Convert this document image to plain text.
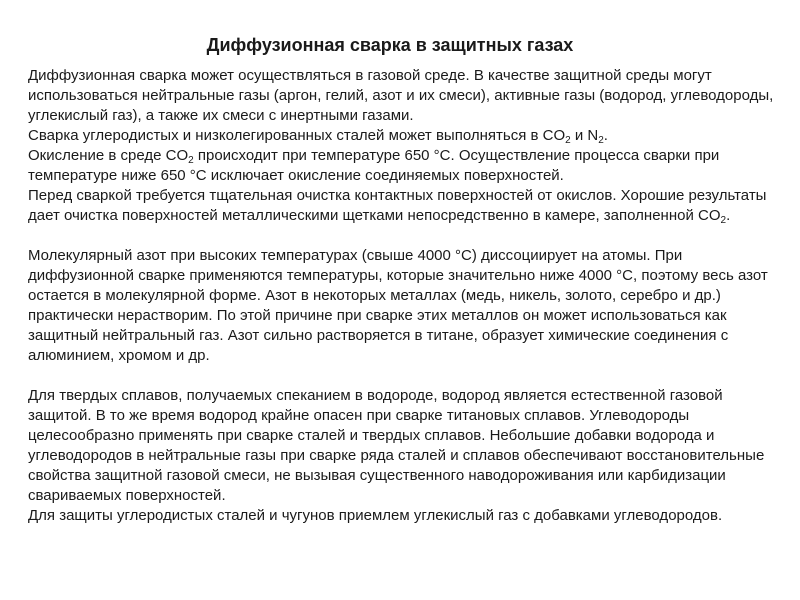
Диффузионная сварка в защитных газах

Диффузионная сварка может осуществляться в газовой среде. В качестве защитной среды могут использоваться нейтральные газы (аргон, гелий, азот и их смеси), активные газы (водород, углеводороды, углекислый газ), а также их смеси с инертными газами.

Сварка углеродистых и низколегированных сталей может выполняться в $CO_2$ и $N_2$.

Окисление в среде $CO_2$ происходит при температуре 650 °C. Осуществление процесса сварки при температуре ниже 650 °C исключает окисление соединяемых поверхностей.

Перед сваркой требуется тщательная очистка контактных поверхностей от окислов. Хорошие результаты дает очистка поверхностей металлическими щетками непосредственно в камере, заполненной $CO_2$.

Молекулярный азот при высоких температурах (свыше 4000 °C) диссоциирует на атомы. При диффузионной сварке применяются температуры, которые значительно ниже 4000 °C, поэтому весь азот остается в молекулярной форме. Азот в некоторых металлах (медь, никель, золото, серебро и др.) практически нерастворим. По этой причине при сварке этих металлов он может использоваться как защитный нейтральный газ. Азот сильно растворяется в титане, образует химические соединения с алюминием, хромом и др.

Для твердых сплавов, получаемых спеканием в водороде, водород является естественной газовой защитой. В то же время водород крайне опасен при сварке титановых сплавов. Углеводороды целесообразно применять при сварке сталей и твердых сплавов. Небольшие добавки водорода и углеводородов в нейтральные газы при сварке ряда сталей и сплавов обеспечивают восстановительные свойства защитной газовой смеси, не вызывая существенного наводороживания или карбидизации свариваемых поверхностей.

Для защиты углеродистых сталей и чугунов приемлем углекислый газ с добавками углеводородов.
